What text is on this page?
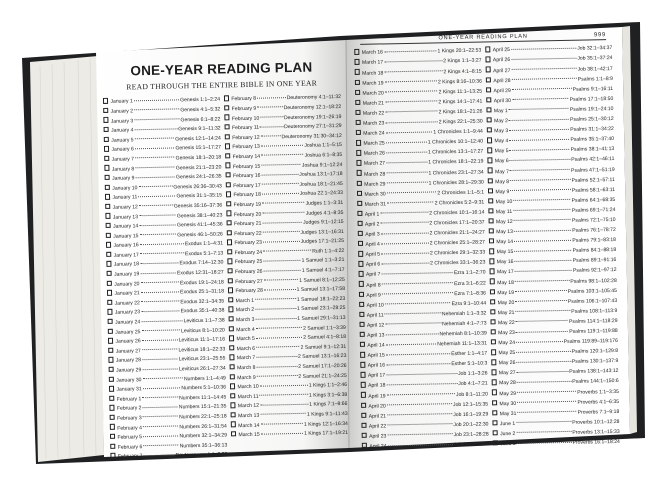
ONE-YEAR READING PLAN
READ THROUGH THE ENTIRE BIBLE IN ONE YEAR
January 1	Genesis 1:1–2:24
January 2	Genesis 4:1–5:32
January 3	Genesis 6:1–8:22
January 4	Genesis 9:1–11:32
January 5	Genesis 12:1–14:24
January 6	Genesis 15:1–17:27
January 7	Genesis 18:1–20:18
January 8	Genesis 21:1–23:20
January 9	Genesis 24:1–26:35
January 10	Genesis 26:36–30:43
January 11	Genesis 31:1–35:15
January 12	Genesis 35:16–37:36
January 13	Genesis 38:1–40:23
January 14	Genesis 41:1–45:36
January 15	Genesis 46:1–50:26
January 16	Exodus 1:1–4:31
January 17	Exodus 5:1–7:13
January 18	Exodus 7:14–12:30
January 19	Exodus 12:31–18:27
January 20	Exodus 19:1–24:18
January 21	Exodus 25:1–31:18
January 22	Exodus 32:1–34:35
January 23	Exodus 35:1–40:38
January 24	Leviticus 1:1–7:38
January 25	Leviticus 8:1–10:20
January 26	Leviticus 11:1–17:16
January 27	Leviticus 18:1–22:33
January 28	Leviticus 23:1–25:55
January 29	Leviticus 26:1–27:34
January 30	Numbers 1:1–4:49
January 31	Numbers 5:1–10:36
February 1	Numbers 11:1–14:45
February 2	Numbers 15:1–21:35
February 3	Numbers 22:1–25:18
February 4	Numbers 26:1–31:54
February 5	Numbers 32:1–34:29
February 6	Numbers 35:1–36:13
February 7	Deuteronomy 1:1–3:29
February 8	Deuteronomy 4:1–11:32
February 9	Deuteronomy 12:1–18:22
February 10	Deuteronomy 19:1–26:19
February 11	Deuteronomy 27:1–31:29
February 12	Deuteronomy 31:30–34:12
February 13	Joshua 1:1–5:15
February 14	Joshua 6:1–8:35
February 15	Joshua 9:1–12:24
February 16	Joshua 13:1–17:18
February 17	Joshua 18:1–21:45
February 18	Joshua 22:1–24:33
February 19	Judges 1:1–3:31
February 20	Judges 4:1–8:35
February 21	Judges 9:1–12:15
February 22	Judges 13:1–16:31
February 23	Judges 17:1–21:25
February 24	Ruth 1:1–4:22
February 25	1 Samuel 1:1–3:21
February 26	1 Samuel 4:1–7:17
February 27	1 Samuel 8:1–12:25
February 28	1 Samuel 13:1–17:58
March 1	1 Samuel 18:1–22:23
March 2	1 Samuel 23:1–28:25
March 3	1 Samuel 29:1–31:13
March 4	2 Samuel 1:1–3:39
March 5	2 Samuel 4:1–8:18
March 6	2 Samuel 9:1–12:31
March 7	2 Samuel 13:1–16:23
March 8	2 Samuel 17:1–20:26
March 9	2 Samuel 21:1–24:25
March 10	1 Kings 1:1–2:46
March 11	1 Kings 3:1–6:38
March 12	1 Kings 7:1–8:66
March 13	1 Kings 9:1–11:43
March 14	1 Kings 12:1–16:34
March 15	1 Kings 17:1–19:21
ONE-YEAR READING PLAN	999
March 16	1 Kings 20:1–22:53
March 17	2 Kings 1:1–3:27
March 18	2 Kings 4:1–8:15
March 19	2 Kings 8:16–10:36
March 20	2 Kings 11:1–13:25
March 21	2 Kings 14:1–17:41
March 22	2 Kings 18:1–21:26
March 23	2 Kings 22:1–25:30
March 24	1 Chronicles 1:1–9:44
March 25	1 Chronicles 10:1–12:40
March 26	1 Chronicles 13:1–17:27
March 27	1 Chronicles 18:1–22:19
March 28	1 Chronicles 23:1–27:34
March 29	1 Chronicles 28:1–29:30
March 30	2 Chronicles 1:1–5:1
March 31	2 Chronicles 5:2–9:31
April 1	2 Chronicles 10:1–16:14
April 2	2 Chronicles 17:1–20:37
April 3	2 Chronicles 21:1–24:27
April 4	2 Chronicles 25:1–28:27
April 5	2 Chronicles 29:1–32:33
April 6	2 Chronicles 33:1–36:23
April 7	Ezra 1:1–2:70
April 8	Ezra 3:1–6:22
April 9	Ezra 7:1–8:36
April 10	Ezra 9:1–10:44
April 11	Nehemiah 1:1–3:32
April 12	Nehemiah 4:1–7:73
April 13	Nehemiah 8:1–10:39
April 14	Nehemiah 11:1–13:31
April 15	Esther 1:1–4:17
April 16	Esther 5:1–10:3
April 17	Job 1:1–3:26
April 18	Job 4:1–7:21
April 19	Job 8:1–11:20
April 20	Job 12:1–15:35
April 21	Job 16:1–19:29
April 22	Job 20:1–22:30
April 23	Job 23:1–28:28
April 24	Job 29:1–31:40
April 25	Job 32:1–34:37
April 26	Job 35:1–37:24
April 27	Job 38:1–42:17
April 28	Psalms 1:1–8:9
April 29	Psalms 9:1–16:11
April 30	Psalms 17:1–18:50
May 1	Psalms 19:1–24:10
May 2	Psalms 25:1–30:12
May 3	Psalms 31:1–34:22
May 4	Psalms 35:1–37:40
May 5	Psalms 38:1–41:13
May 6	Psalms 42:1–46:11
May 7	Psalms 47:1–51:19
May 8	Psalms 52:1–57:11
May 9	Psalms 58:1–63:11
May 10	Psalms 64:1–68:35
May 11	Psalms 69:1–71:24
May 12	Psalms 72:1–75:10
May 13	Psalms 76:1–78:72
May 14	Psalms 79:1–83:18
May 15	Psalms 84:1–88:18
May 16	Psalms 89:1–91:16
May 17	Psalms 92:1–97:12
May 18	Psalms 98:1–102:28
May 19	Psalms 103:1–105:45
May 20	Psalms 106:1–107:43
May 21	Psalms 108:1–113:9
May 22	Psalms 114:1–118:29
May 23	Psalms 119:1–119:88
May 24	Psalms 119:89–119:176
May 25	Psalms 120:1–129:8
May 26	Psalms 130:1–137:9
May 27	Psalms 138:1–143:12
May 28	Psalms 144:1–150:6
May 29	Proverbs 1:1–3:35
May 30	Proverbs 4:1–6:35
May 31	Proverbs 7:1–9:18
June 1	Proverbs 10:1–12:28
June 2	Proverbs 13:1–15:33
June 3	Proverbs 16:1–18:24
